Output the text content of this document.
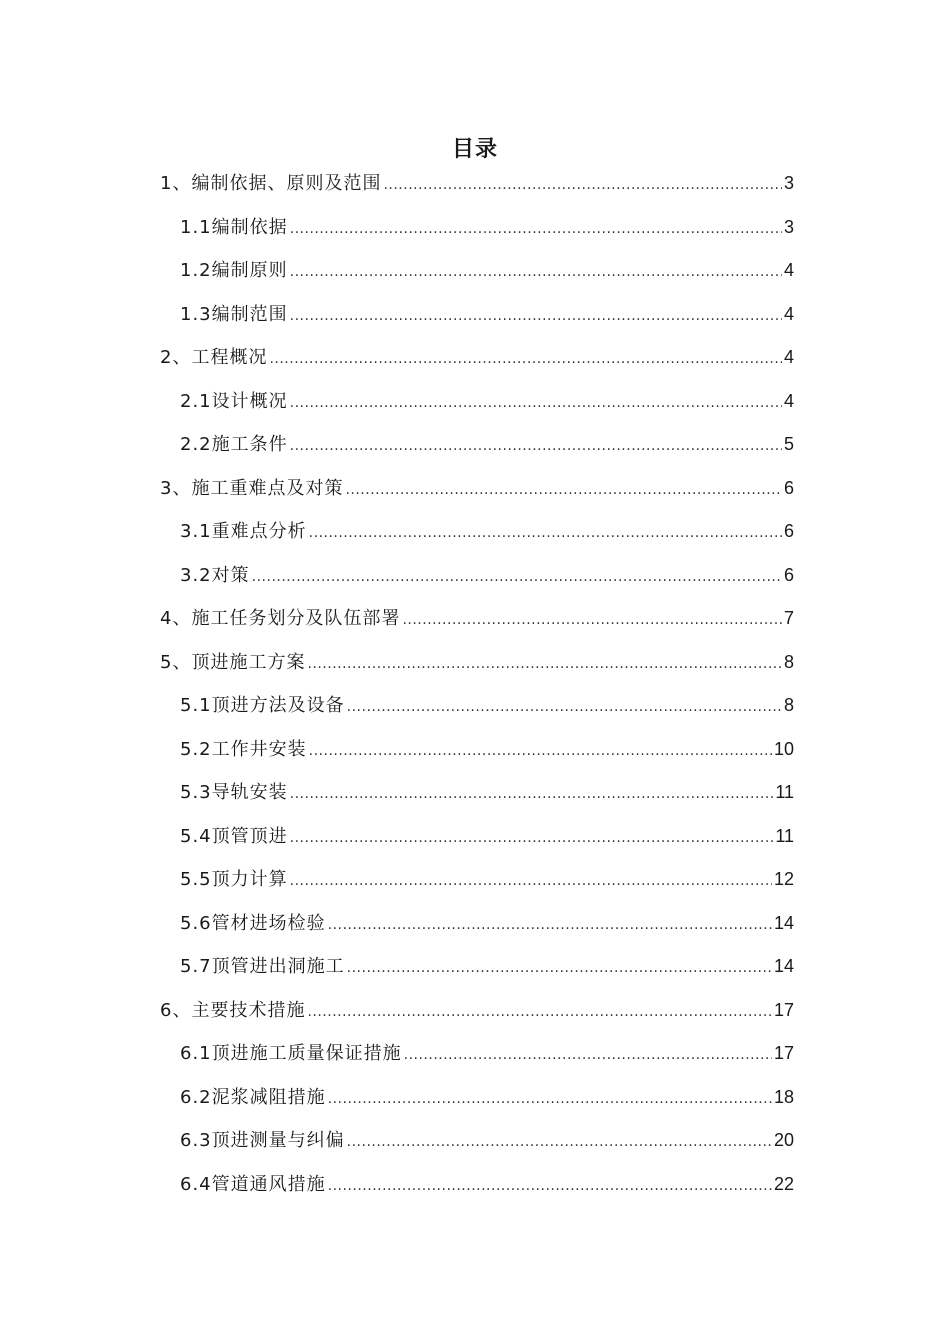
目录
1、编制依据、原则及范围 .....	3
1.1编制依据 .....	3
1.2编制原则 .....	4
1.3编制范围 .....	4
2、工程概况 .....	4
2.1设计概况 .....	4
2.2施工条件 .....	5
3、施工重难点及对策 .....	6
3.1重难点分析 .....	6
3.2对策 .....	6
4、施工任务划分及队伍部署 .....	7
5、顶进施工方案 .....	8
5.1顶进方法及设备 .....	8
5.2工作井安装 .....	10
5.3导轨安装 .....	11
5.4顶管顶进 .....	11
5.5顶力计算 .....	12
5.6管材进场检验 .....	14
5.7顶管进出洞施工 .....	14
6、主要技术措施 .....	17
6.1顶进施工质量保证措施 .....	17
6.2泥浆减阻措施 .....	18
6.3顶进测量与纠偏 .....	20
6.4管道通风措施 .....	22
